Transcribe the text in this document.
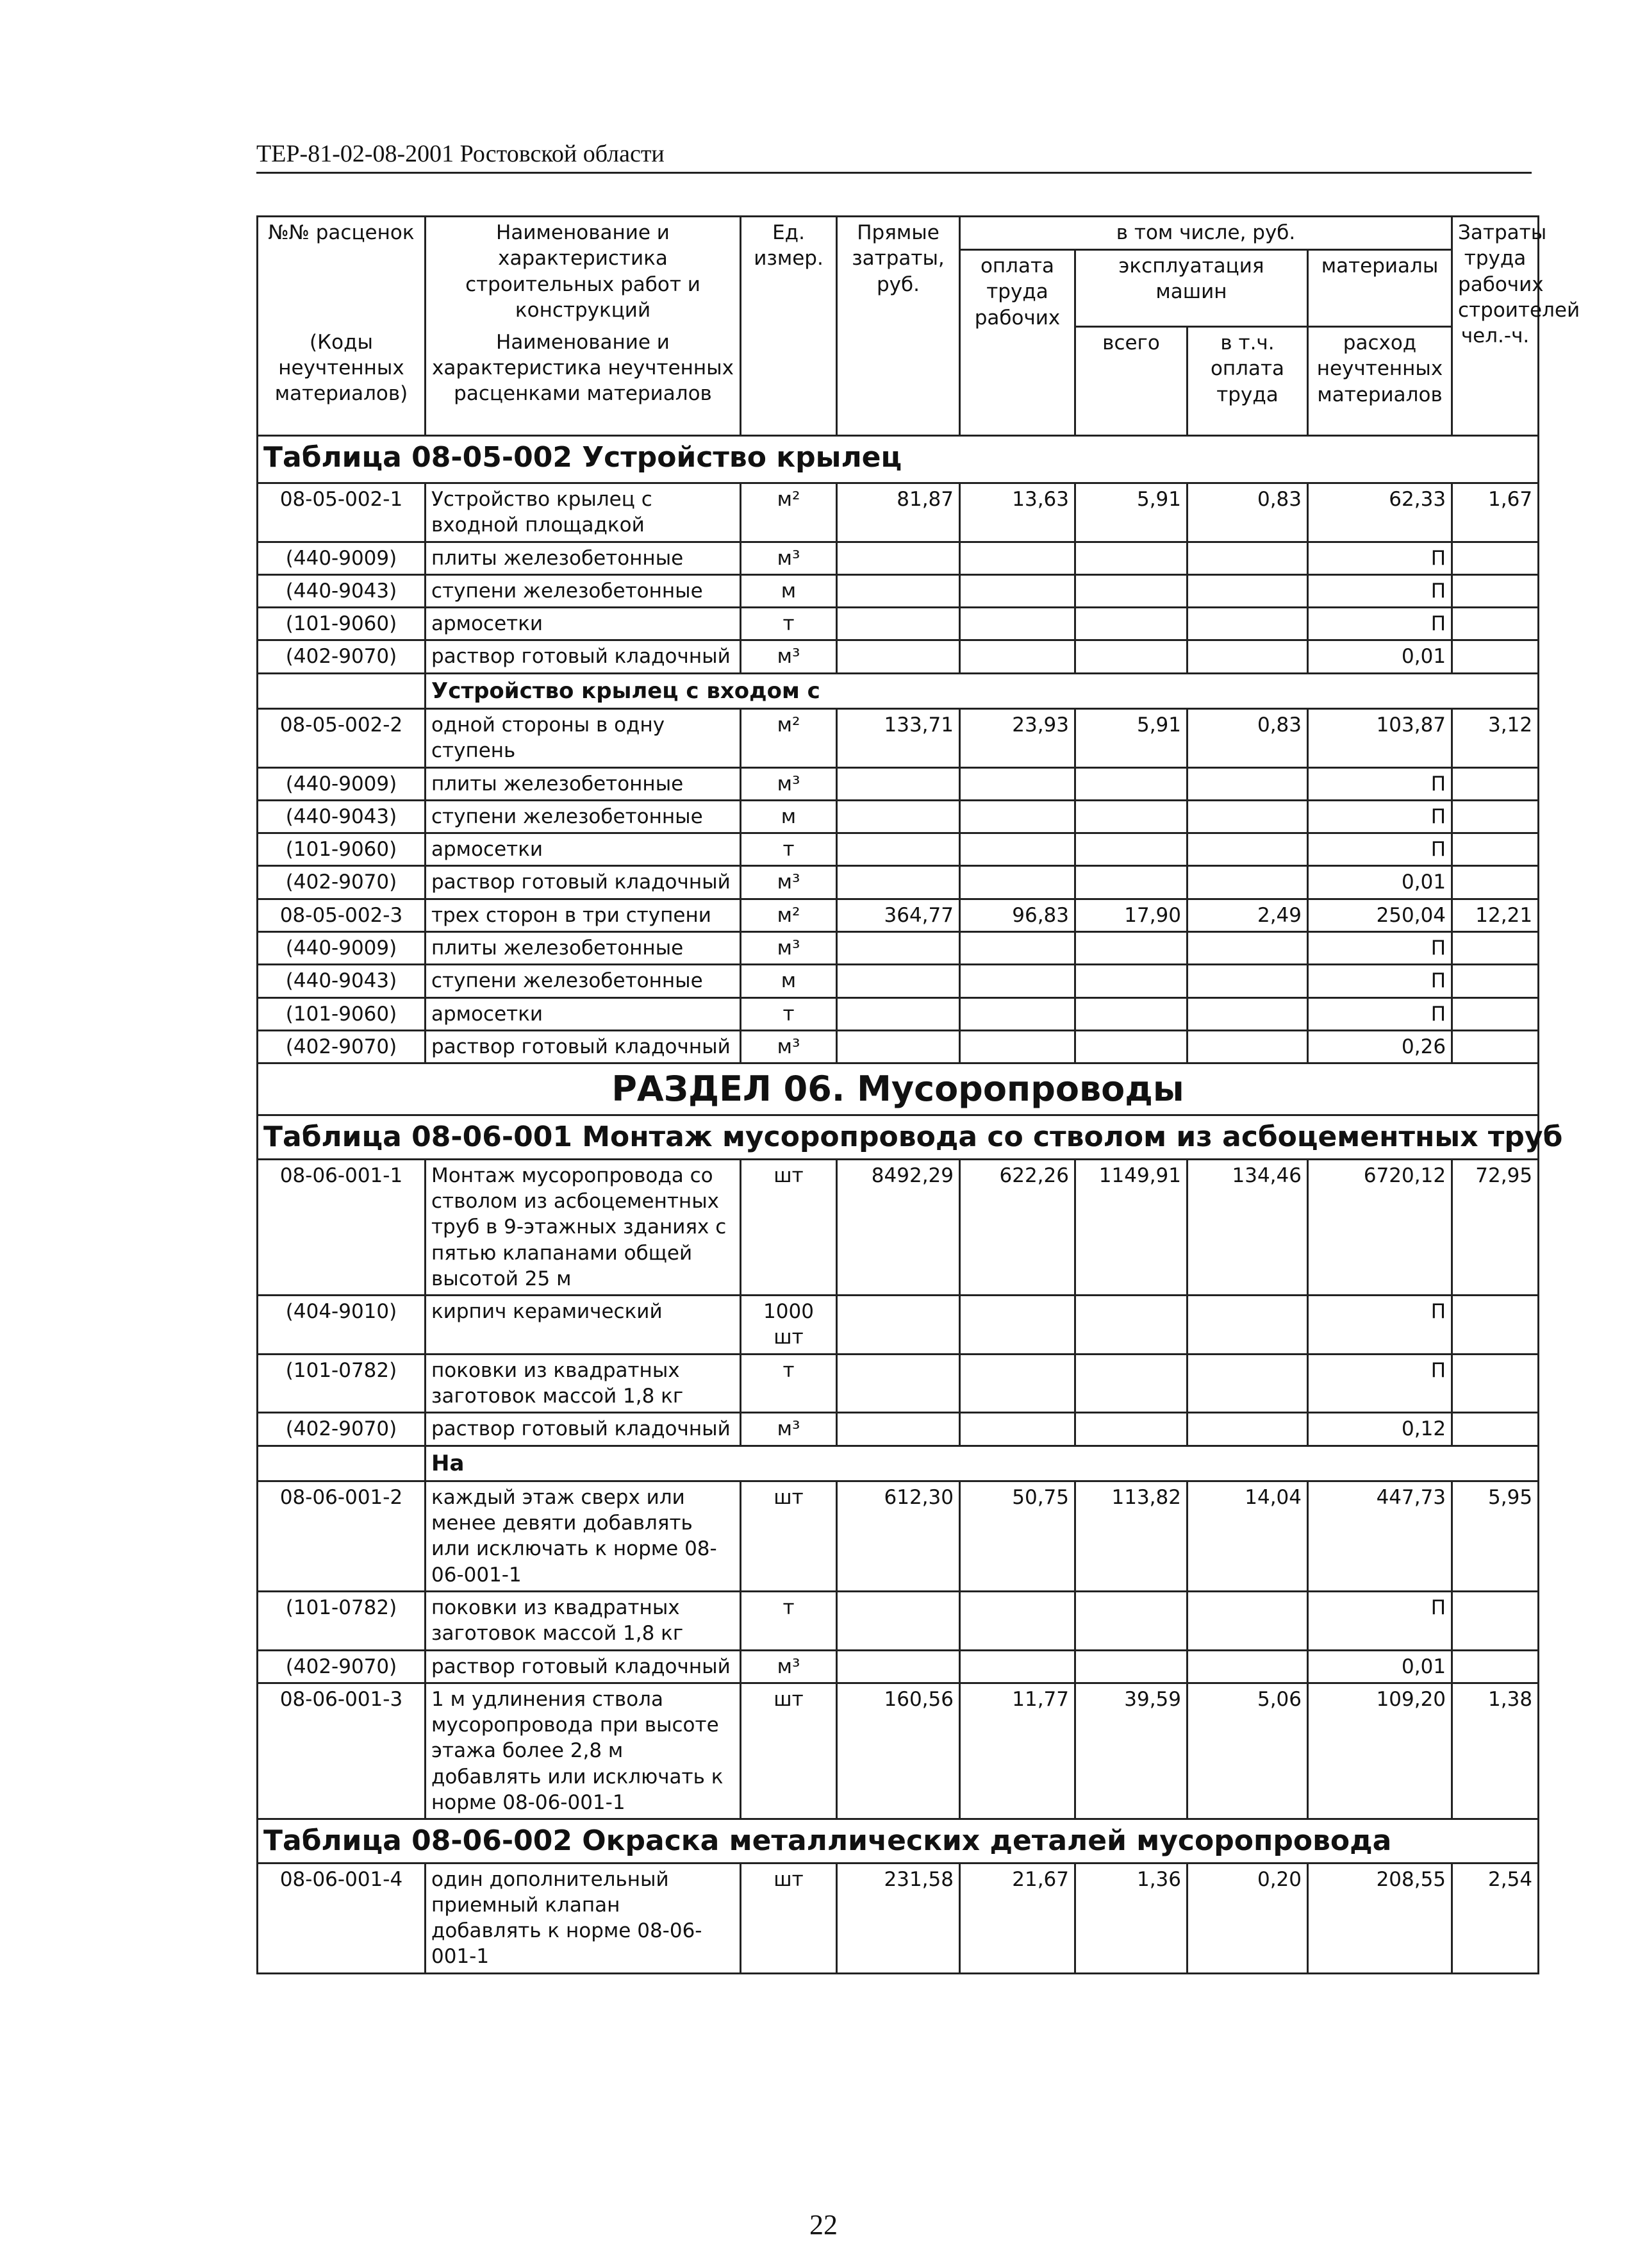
ТЕР-81-02-08-2001 Ростовской области
№№ расценок	Наименование и характеристика строительных работ и конструкций	Ед. измер.	Прямые затраты, руб.	в том числе, руб.				Затраты труда рабочих строителей чел.-ч.
				оплата труда рабочих	эксплуатация машин		материалы	

(Коды неучтенных материалов)	Наименование и характеристика неучтенных расценками материалов				всего	в т.ч. оплата труда	расход неучтенных материалов	

Таблица 08-05-002 Устройство крылец								
08-05-002-1	Устройство крылец с входной площадкой	м²	81,87	13,63	5,91	0,83	62,33	1,67
(440-9009)	плиты железобетонные	м³					П	
(440-9043)	ступени железобетонные	м					П	
(101-9060)	армосетки	т					П	
(402-9070)	раствор готовый кладочный	м³					0,01	
	Устройство крылец с входом с							
08-05-002-2	одной стороны в одну ступень	м²	133,71	23,93	5,91	0,83	103,87	3,12
(440-9009)	плиты железобетонные	м³					П	
(440-9043)	ступени железобетонные	м					П	
(101-9060)	армосетки	т					П	
(402-9070)	раствор готовый кладочный	м³					0,01	
08-05-002-3	трех сторон в три ступени	м²	364,77	96,83	17,90	2,49	250,04	12,21
(440-9009)	плиты железобетонные	м³					П	
(440-9043)	ступени железобетонные	м					П	
(101-9060)	армосетки	т					П	
(402-9070)	раствор готовый кладочный	м³					0,26	
РАЗДЕЛ 06. Мусоропроводы								
Таблица 08-06-001 Монтаж мусоропровода со стволом из асбоцементных труб								
08-06-001-1	Монтаж мусоропровода со стволом из асбоцементных труб в 9-этажных зданиях с пятью клапанами общей высотой 25 м	шт	8492,29	622,26	1149,91	134,46	6720,12	72,95
(404-9010)	кирпич керамический	1000 шт					П	
(101-0782)	поковки из квадратных заготовок массой 1,8 кг	т					П	
(402-9070)	раствор готовый кладочный	м³					0,12	
	На							
08-06-001-2	каждый этаж сверх или менее девяти добавлять или исключать к норме 08-06-001-1	шт	612,30	50,75	113,82	14,04	447,73	5,95
(101-0782)	поковки из квадратных заготовок массой 1,8 кг	т					П	
(402-9070)	раствор готовый кладочный	м³					0,01	
08-06-001-3	1 м удлинения ствола мусоропровода при высоте этажа более 2,8 м добавлять или исключать к норме 08-06-001-1	шт	160,56	11,77	39,59	5,06	109,20	1,38
Таблица 08-06-002 Окраска металлических деталей мусоропровода								
08-06-001-4	один дополнительный приемный клапан добавлять к норме 08-06-001-1	шт	231,58	21,67	1,36	0,20	208,55	2,54
22
